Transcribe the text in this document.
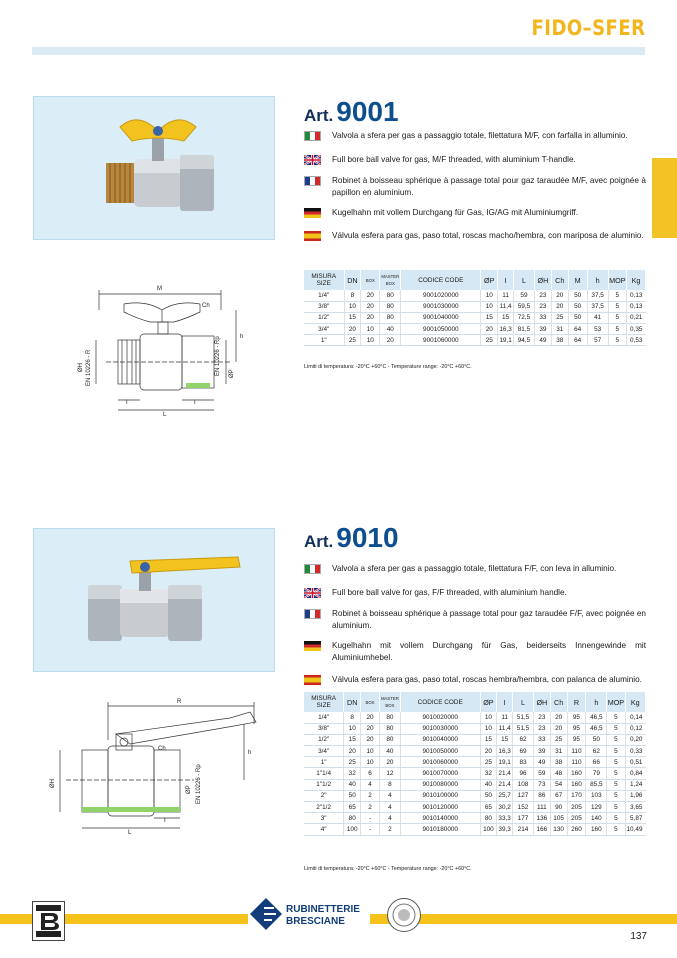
FIDO–SFER
Art. 9001
Valvola a sfera per gas a passaggio totale, filettatura M/F, con farfalla in alluminio.
Full bore ball valve for gas, M/F threaded, with aluminium T-handle.
Robinet à boisseau sphérique à passage total pour gaz taraudée M/F, avec poignée à papillon en aluminium.
Kugelhahn mit vollem Durchgang für Gas, IG/AG mit Aluminiumgriff.
Válvula esfera para gas, paso total, roscas macho/hembra, con mariposa de aluminio.
M
Ch
h
I	I
L
ØH EN 10226 - R	EN 10226 - Rp ØP
MISURA SIZE	DN	BOX	MASTER BOX	CODICE CODE	ØP	I	L	ØH	Ch	M	h	MOP	Kg
1/4"	8	20	80	9001020000	10	11	59	23	20	50	37,5	5	0,13
3/8"	10	20	80	9001030000	10	11,4	59,5	23	20	50	37,5	5	0,13
1/2"	15	20	80	9001040000	15	15	72,5	33	25	50	41	5	0,21
3/4"	20	10	40	9001050000	20	16,3	81,5	39	31	64	53	5	0,35
1"	25	10	20	9001060000	25	19,1	94,5	49	38	64	57	5	0,53
Limiti di temperatura: -20°C +60°C - Temperature range: -20°C +60°C.
Art. 9010
Valvola a sfera per gas a passaggio totale, filettatura F/F, con leva in alluminio.
Full bore ball valve for gas, F/F threaded, with aluminium handle.
Robinet à boisseau sphérique à passage total pour gaz taraudée F/F, avec poignée en aluminium.
Kugelhahn mit vollem Durchgang für Gas, beiderseits Innengewinde mit Aluminiumhebel.
Válvula esfera para gas, paso total, roscas hembra/hembra, con palanca de aluminio.
R
Ch
h
I
L
ØH
ØP EN 10226 - Rp
MISURA SIZE	DN	BOX	MASTER BOX	CODICE CODE	ØP	I	L	ØH	Ch	R	h	MOP	Kg
1/4"	8	20	80	9010020000	10	11	51,5	23	20	95	46,5	5	0,14
3/8"	10	20	80	9010030000	10	11,4	51,5	23	20	95	46,5	5	0,12
1/2"	15	20	80	9010040000	15	15	62	33	25	95	50	5	0,20
3/4"	20	10	40	9010050000	20	16,3	69	39	31	110	62	5	0,33
1"	25	10	20	9010060000	25	19,1	83	49	38	110	66	5	0,51
1"1/4	32	6	12	9010070000	32	21,4	96	59	48	160	79	5	0,84
1"1/2	40	4	8	9010080000	40	21,4	108	73	54	160	85,5	5	1,24
2"	50	2	4	9010100000	50	25,7	127	86	67	170	103	5	1,96
2"1/2	65	2	4	9010120000	65	30,2	152	111	90	205	129	5	3,65
3"	80	-	4	9010140000	80	33,3	177	136	105	205	140	5	5,87
4"	100	-	2	9010180000	100	39,3	214	166	130	260	160	5	10,49
Limiti di temperatura: -20°C +60°C - Temperature range: -20°C +60°C.
RUBINETTERIE
BRESCIANE
137
